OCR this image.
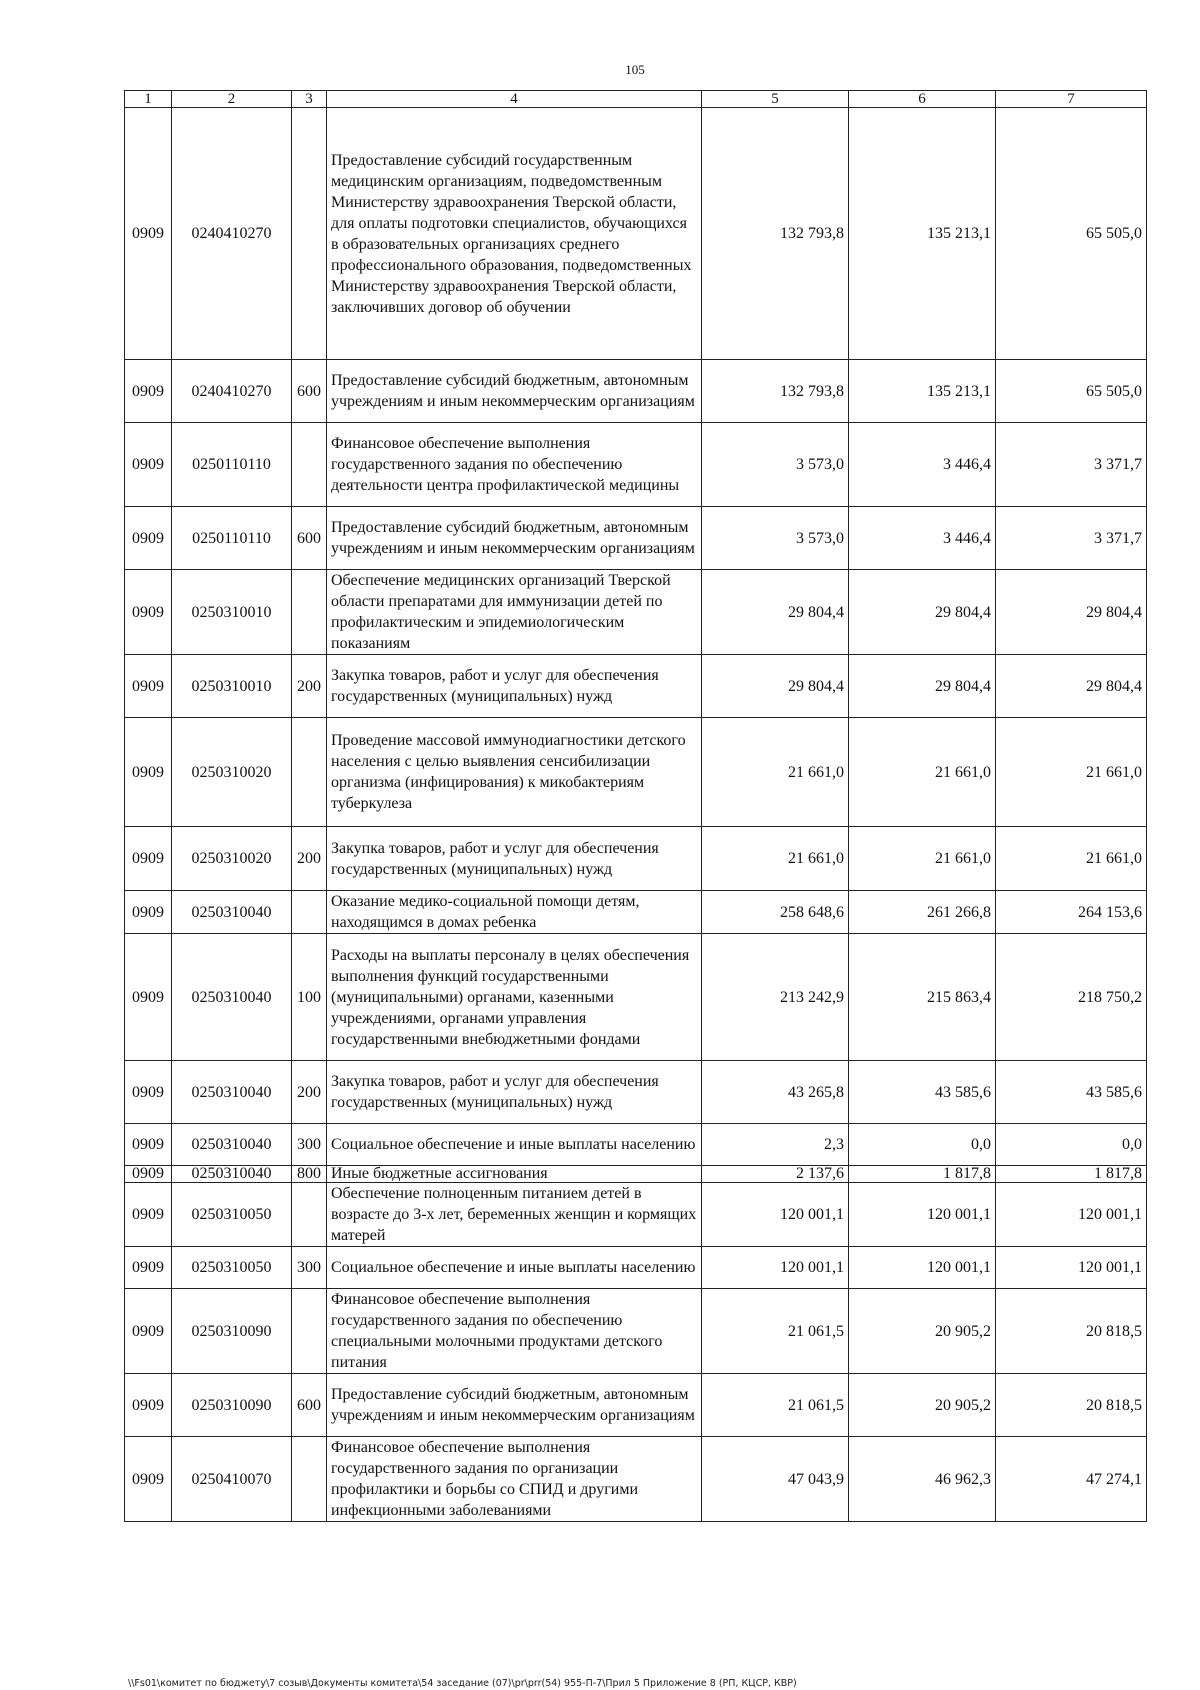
105
1	2	3	4	5	6	7
0909	0240410270		Предоставление субсидий государственным медицинским организациям, подведомственным Министерству здравоохранения Тверской области, для оплаты подготовки специалистов, обучающихся в образовательных организациях среднего профессионального образования, подведомственных Министерству здравоохранения Тверской области, заключивших договор об обучении	132 793,8	135 213,1	65 505,0
0909	0240410270	600	Предоставление субсидий бюджетным, автономным учреждениям и иным некоммерческим организациям	132 793,8	135 213,1	65 505,0
0909	0250110110		Финансовое обеспечение выполнения государственного задания по обеспечению деятельности центра профилактической медицины	3 573,0	3 446,4	3 371,7
0909	0250110110	600	Предоставление субсидий бюджетным, автономным учреждениям и иным некоммерческим организациям	3 573,0	3 446,4	3 371,7
0909	0250310010		Обеспечение медицинских организаций Тверской области препаратами для иммунизации детей по профилактическим и эпидемиологическим показаниям	29 804,4	29 804,4	29 804,4
0909	0250310010	200	Закупка товаров, работ и услуг для обеспечения государственных (муниципальных) нужд	29 804,4	29 804,4	29 804,4
0909	0250310020		Проведение массовой иммунодиагностики детского населения с целью выявления сенсибилизации организма (инфицирования) к микобактериям туберкулеза	21 661,0	21 661,0	21 661,0
0909	0250310020	200	Закупка товаров, работ и услуг для обеспечения государственных (муниципальных) нужд	21 661,0	21 661,0	21 661,0
0909	0250310040		Оказание медико-социальной помощи детям, находящимся в домах ребенка	258 648,6	261 266,8	264 153,6
0909	0250310040	100	Расходы на выплаты персоналу в целях обеспечения выполнения функций государственными (муниципальными) органами, казенными учреждениями, органами управления государственными внебюджетными фондами	213 242,9	215 863,4	218 750,2
0909	0250310040	200	Закупка товаров, работ и услуг для обеспечения государственных (муниципальных) нужд	43 265,8	43 585,6	43 585,6
0909	0250310040	300	Социальное обеспечение и иные выплаты населению	2,3	0,0	0,0
0909	0250310040	800	Иные бюджетные ассигнования	2 137,6	1 817,8	1 817,8
0909	0250310050		Обеспечение полноценным питанием детей в возрасте до 3-х лет, беременных женщин и кормящих матерей	120 001,1	120 001,1	120 001,1
0909	0250310050	300	Социальное обеспечение и иные выплаты населению	120 001,1	120 001,1	120 001,1
0909	0250310090		Финансовое обеспечение выполнения государственного задания по обеспечению специальными молочными продуктами детского питания	21 061,5	20 905,2	20 818,5
0909	0250310090	600	Предоставление субсидий бюджетным, автономным учреждениям и иным некоммерческим организациям	21 061,5	20 905,2	20 818,5
0909	0250410070		Финансовое обеспечение выполнения государственного задания по организации профилактики и борьбы со СПИД и другими инфекционными заболеваниями	47 043,9	46 962,3	47 274,1
\\Fs01\комитет по бюджету\7 созыв\Документы комитета\54 заседание (07)\pr\prr(54) 955-П-7\Прил 5 Приложение 8 (РП, КЦСР, КВР)
